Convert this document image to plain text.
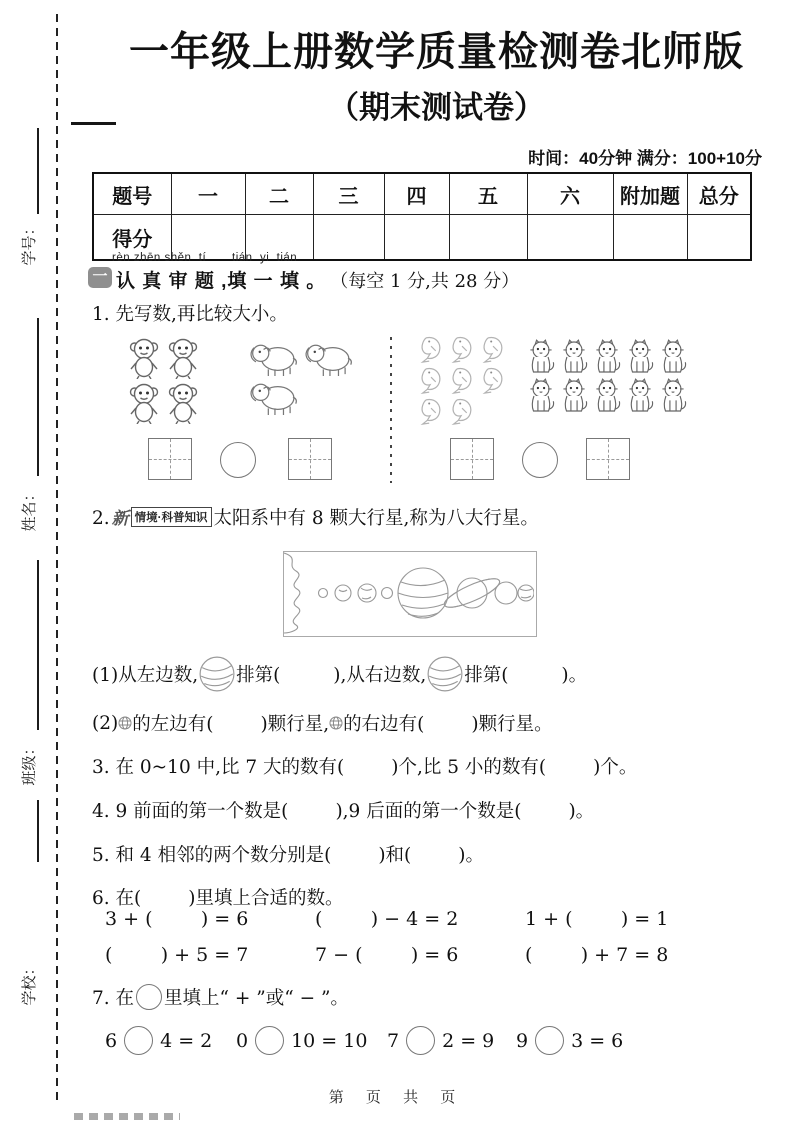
学号：
姓名：
班级：
学校：
一年级上册数学质量检测卷北师版
（期末测试卷）
时间：40分钟 满分：100+10分
题号	一	二	三	四	五	六	附加题	总分
得分								
rèn zhēn shěn  tí       tián  yi  tián
一 认 真 审 题 ,填 一 填 。 （每空 1 分,共 28 分）
1. 先写数,再比较大小。
2. 新 情境·科普知识 太阳系中有 8 颗大行星,称为八大行星。
(1)从左边数, 排第(         ),从右边数, 排第(         )。
(2) 的左边有(        )颗行星, 的右边有(        )颗行星。
3. 在 0~10 中,比 7 大的数有(        )个,比 5 小的数有(        )个。
4. 9 前面的第一个数是(        ),9 后面的第一个数是(        )。
5. 和 4 相邻的两个数分别是(        )和(        )。
6. 在(        )里填上合适的数。
3 + (        ) = 6	(        ) − 4 = 2	1 + (        ) = 1
(        ) + 5 = 7	7 − (        ) = 6	(        ) + 7 = 8
7. 在 里填上“ + ”或“ − ”。
6 4 = 2 0 10 = 10 7 2 = 9 9 3 = 6
第 页 共 页
